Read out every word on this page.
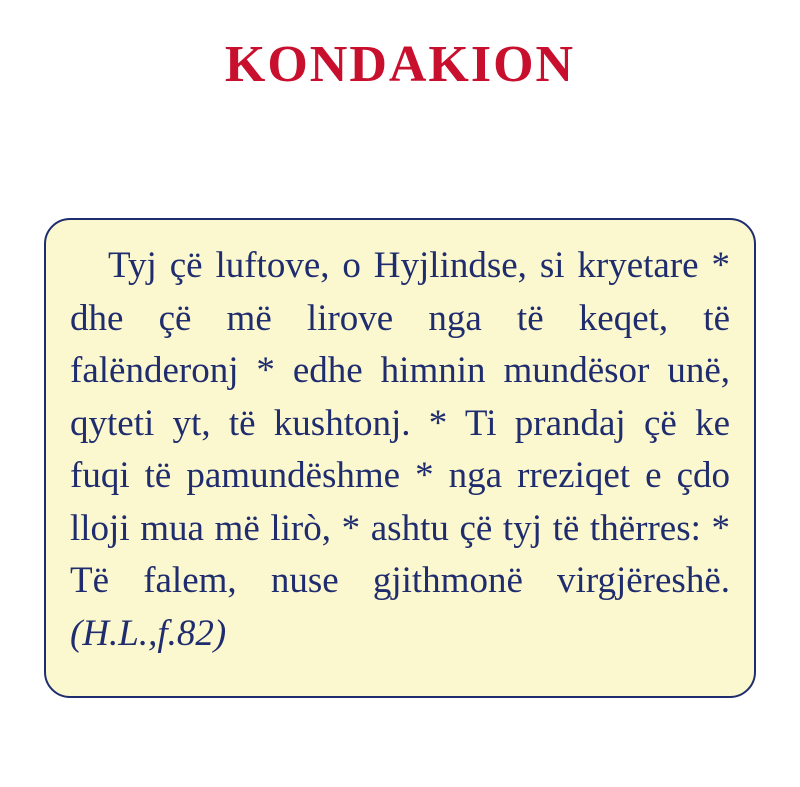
KONDAKION

Tyj çë luftove, o Hyjlindse, si kryetare * dhe çë më lirove nga të keqet, të falënderonj * edhe himnin mundësor unë, qyteti yt, të kushtonj. * Ti prandaj çë ke fuqi të pamundëshme * nga rreziqet e çdo lloji mua më lirò, * ashtu çë tyj të thërres: * Të falem, nuse gjithmonë virgjëreshë. (H.L.,f.82)
